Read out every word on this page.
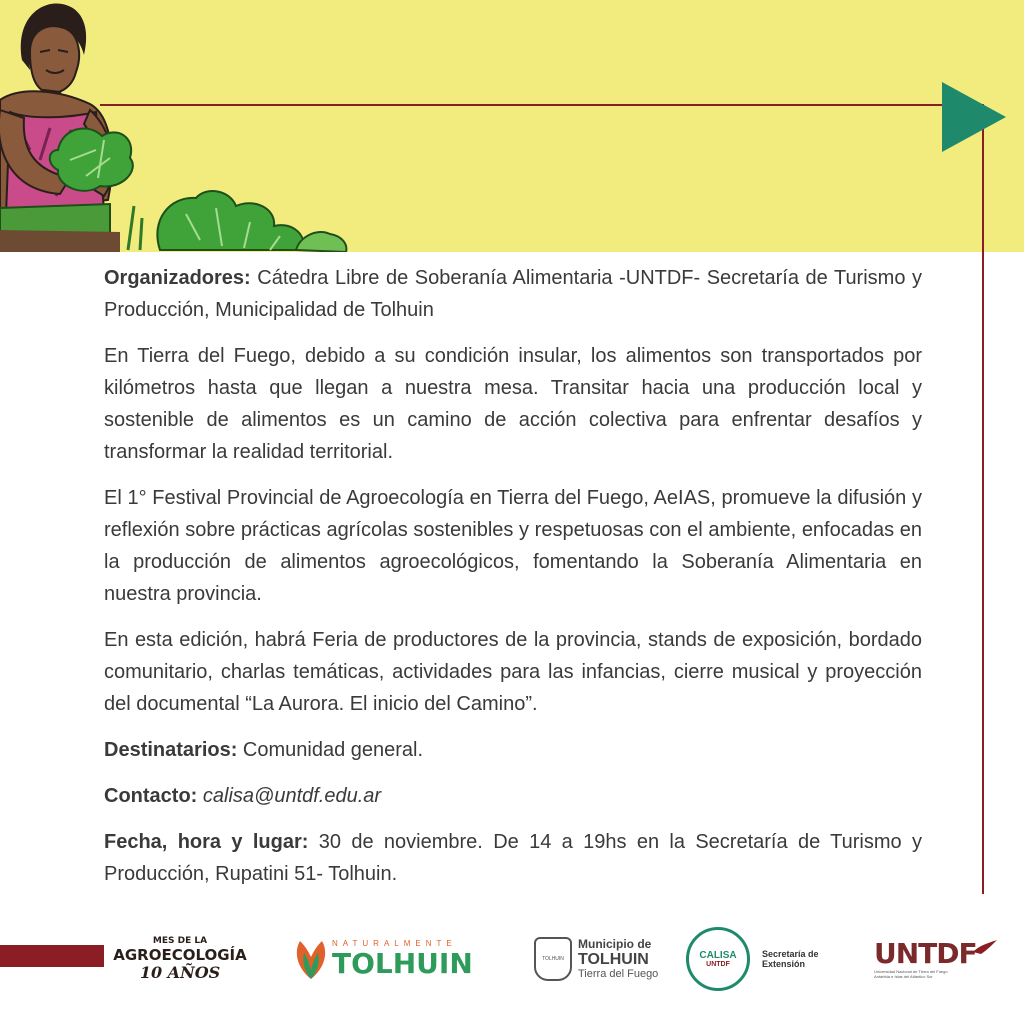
Organizadores: Cátedra Libre de Soberanía Alimentaria -UNTDF- Secretaría de Turismo y Producción, Municipalidad de Tolhuin

En Tierra del Fuego, debido a su condición insular, los alimentos son transportados por kilómetros hasta que llegan a nuestra mesa. Transitar hacia una producción local y sostenible de alimentos es un camino de acción colectiva para enfrentar desafíos y transformar la realidad territorial.

El 1° Festival Provincial de Agroecología en Tierra del Fuego, AeIAS, promueve la difusión y reflexión sobre prácticas agrícolas sostenibles y respetuosas con el ambiente, enfocadas en la producción de alimentos agroecológicos, fomentando la Soberanía Alimentaria en nuestra provincia.

En esta edición, habrá Feria de productores de la provincia, stands de exposición, bordado comunitario, charlas temáticas, actividades para las infancias, cierre musical y proyección del documental “La Aurora. El inicio del Camino”.

Destinatarios: Comunidad general.

Contacto: calisa@untdf.edu.ar

Fecha, hora y lugar: 30 de noviembre. De 14 a 19hs en la Secretaría de Turismo y Producción, Rupatini 51- Tolhuin.

MES DE LA
AGROECOLOGÍA
10 AÑOS
NATURALMENTE
TOLHUIN	TOLHUIN
Municipio de
TOLHUIN
Tierra del Fuego
CALISA
UNTDF
Secretaría de Extensión	UNTDF
Universidad Nacional de Tierra del Fuego
Antártida e Islas del Atlántico Sur
